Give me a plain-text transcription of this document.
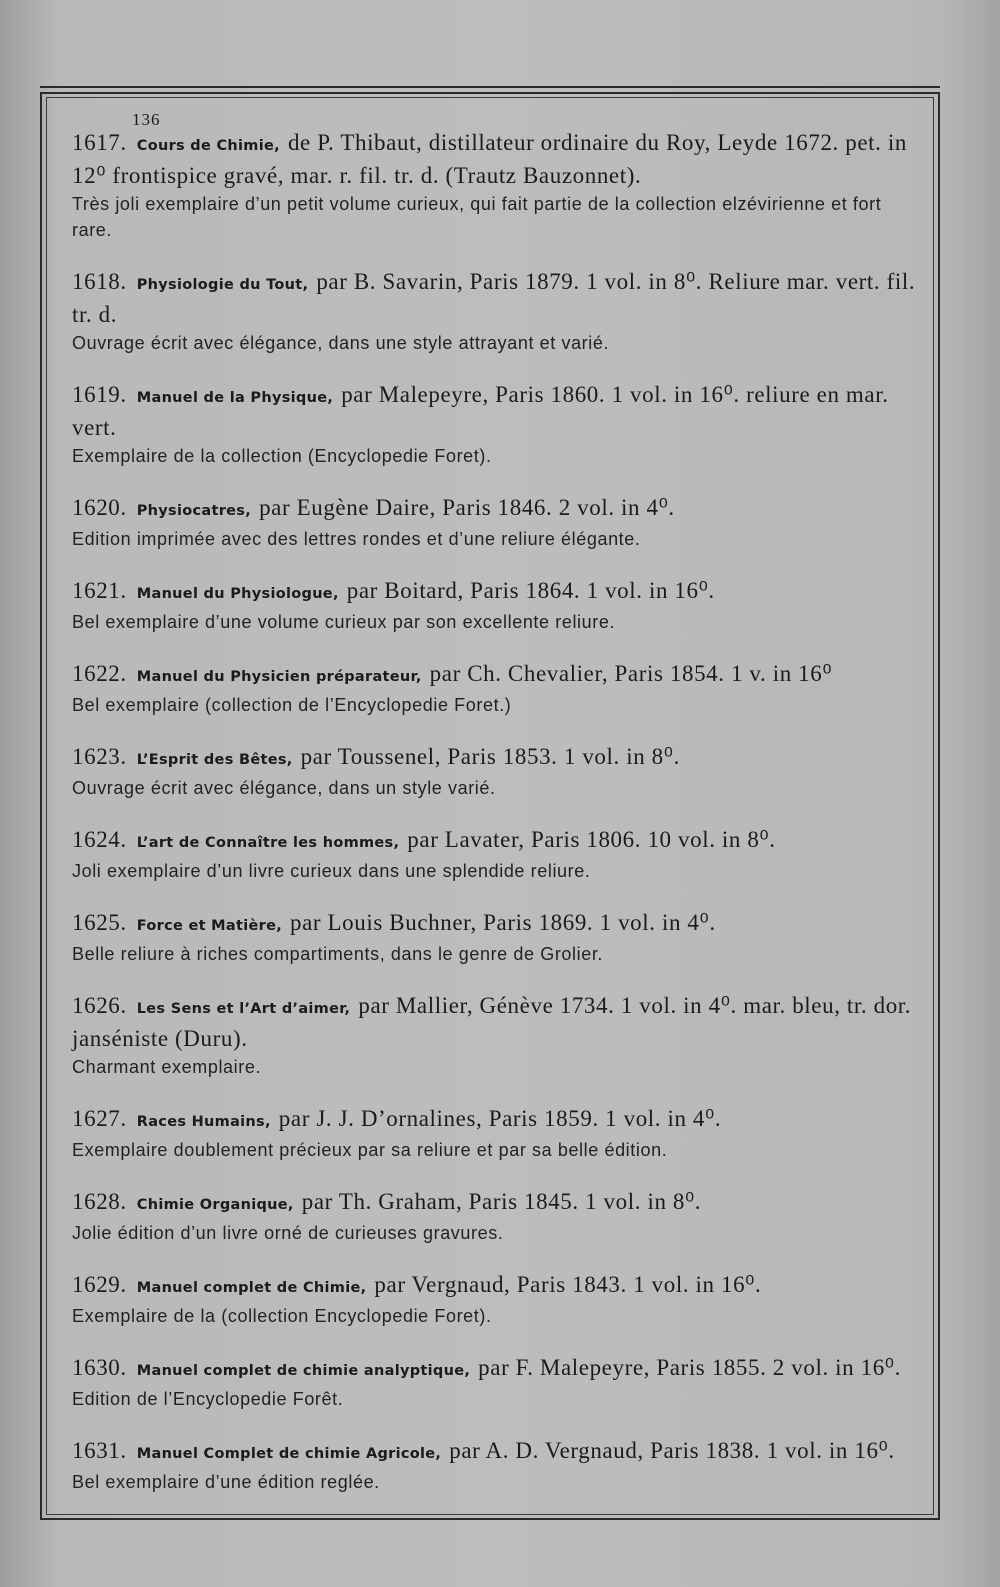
136
1617. Cours de Chimie, de P. Thibaut, distillateur ordinaire du Roy, Leyde 1672. pet. in 12⁰ frontispice gravé, mar. r. fil. tr. d. (Trautz Bauzonnet).
Très joli exemplaire d’un petit volume curieux, qui fait partie de la collection elzévirienne et fort rare.
1618. Physiologie du Tout, par B. Savarin, Paris 1879. 1 vol. in 8⁰. Reliure mar. vert. fil. tr. d.
Ouvrage écrit avec élégance, dans une style attrayant et varié.
1619. Manuel de la Physique, par Malepeyre, Paris 1860. 1 vol. in 16⁰. reliure en mar. vert.
Exemplaire de la collection (Encyclopedie Foret).
1620. Physiocatres, par Eugène Daire, Paris 1846. 2 vol. in 4⁰.
Edition imprimée avec des lettres rondes et d’une reliure élégante.
1621. Manuel du Physiologue, par Boitard, Paris 1864. 1 vol. in 16⁰.
Bel exemplaire d’une volume curieux par son excellente reliure.
1622. Manuel du Physicien préparateur, par Ch. Chevalier, Paris 1854. 1 v. in 16⁰
Bel exemplaire (collection de l’Encyclopedie Foret.)
1623. L’Esprit des Bêtes, par Toussenel, Paris 1853. 1 vol. in 8⁰.
Ouvrage écrit avec élégance, dans un style varié.
1624. L’art de Connaître les hommes, par Lavater, Paris 1806. 10 vol. in 8⁰.
Joli exemplaire d’un livre curieux dans une splendide reliure.
1625. Force et Matière, par Louis Buchner, Paris 1869. 1 vol. in 4⁰.
Belle reliure à riches compartiments, dans le genre de Grolier.
1626. Les Sens et l’Art d’aimer, par Mallier, Génève 1734. 1 vol. in 4⁰. mar. bleu, tr. dor. janséniste (Duru).
Charmant exemplaire.
1627. Races Humains, par J. J. D’ornalines, Paris 1859. 1 vol. in 4⁰.
Exemplaire doublement précieux par sa reliure et par sa belle édition.
1628. Chimie Organique, par Th. Graham, Paris 1845. 1 vol. in 8⁰.
Jolie édition d’un livre orné de curieuses gravures.
1629. Manuel complet de Chimie, par Vergnaud, Paris 1843. 1 vol. in 16⁰.
Exemplaire de la (collection Encyclopedie Foret).
1630. Manuel complet de chimie analyptique, par F. Malepeyre, Paris 1855. 2 vol. in 16⁰.
Edition de l’Encyclopedie Forêt.
1631. Manuel Complet de chimie Agricole, par A. D. Vergnaud, Paris 1838. 1 vol. in 16⁰.
Bel exemplaire d’une édition reglée.
